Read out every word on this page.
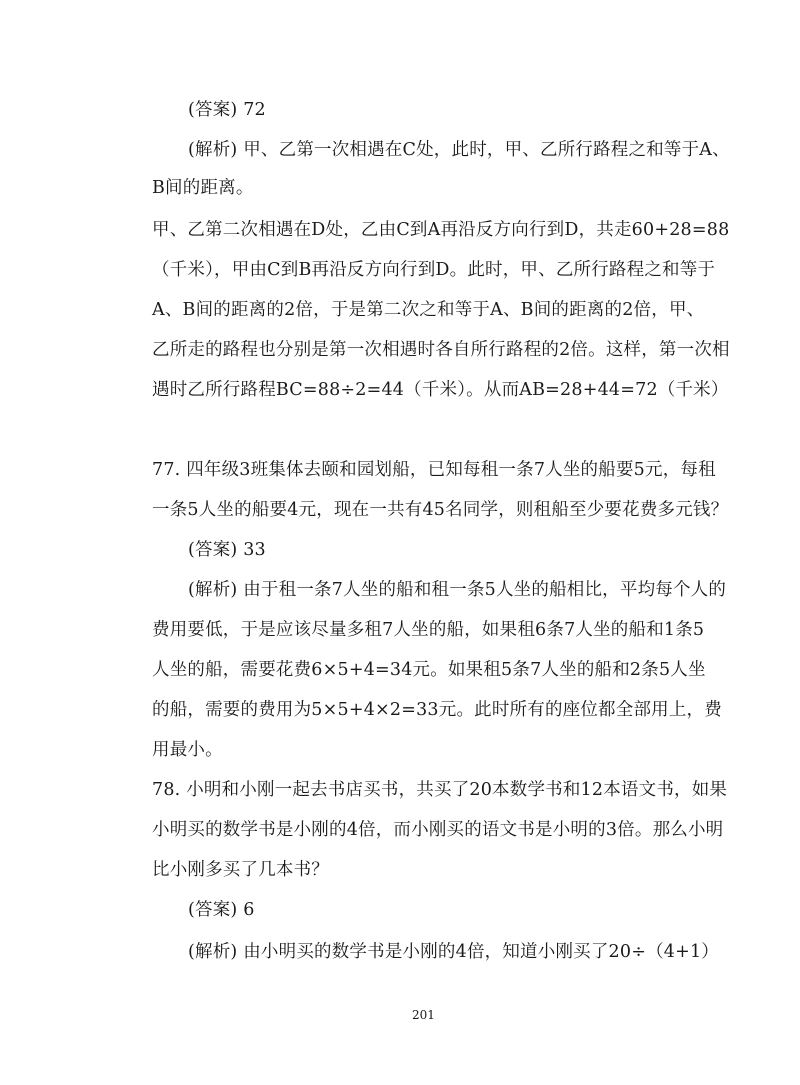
(答案) 72
(解析) 甲、乙第一次相遇在C处，此时，甲、乙所行路程之和等于A、
B间的距离。
甲、乙第二次相遇在D处，乙由C到A再沿反方向行到D，共走60+28=88
（千米），甲由C到B再沿反方向行到D。此时，甲、乙所行路程之和等于
A、B间的距离的2倍，于是第二次之和等于A、B间的距离的2倍，甲、
乙所走的路程也分别是第一次相遇时各自所行路程的2倍。这样，第一次相
遇时乙所行路程BC=88÷2=44（千米）。从而AB=28+44=72（千米）
77. 四年级3班集体去颐和园划船，已知每租一条7人坐的船要5元，每租
一条5人坐的船要4元，现在一共有45名同学，则租船至少要花费多元钱？
(答案) 33
(解析) 由于租一条7人坐的船和租一条5人坐的船相比，平均每个人的
费用要低，于是应该尽量多租7人坐的船，如果租6条7人坐的船和1条5
人坐的船，需要花费6×5+4=34元。如果租5条7人坐的船和2条5人坐
的船，需要的费用为5×5+4×2=33元。此时所有的座位都全部用上，费
用最小。
78. 小明和小刚一起去书店买书，共买了20本数学书和12本语文书，如果
小明买的数学书是小刚的4倍，而小刚买的语文书是小明的3倍。那么小明
比小刚多买了几本书？
(答案) 6
(解析) 由小明买的数学书是小刚的4倍，知道小刚买了20÷（4+1）
201
